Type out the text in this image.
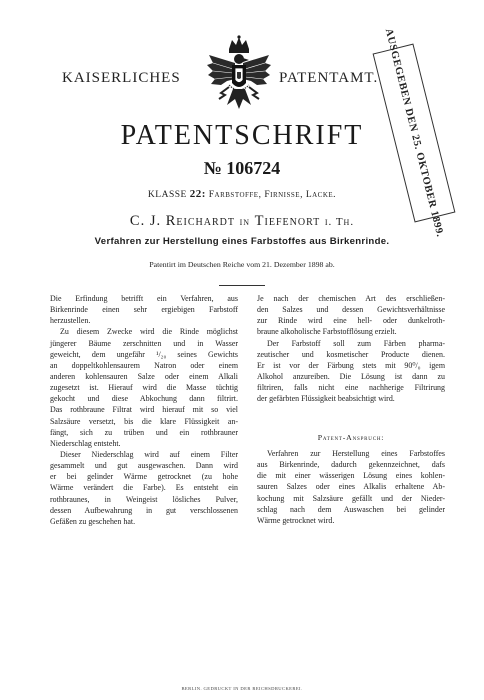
KAISERLICHES	PATENTAMT. AUSGEGEBEN DEN 25. OKTOBER 1899.
PATENTSCHRIFT
№ 106724
KLASSE 22: Farbstoffe, Firnisse, Lacke.
C. J. Reichardt in Tiefenort i. Th.
Verfahren zur Herstellung eines Farbstoffes aus Birkenrinde.
Patentirt im Deutschen Reiche vom 21. Dezember 1898 ab.
Die Erfindung betrifft ein Verfahren, aus
Birkenrinde einen sehr ergiebigen Farbstoff
herzustellen.
Zu diesem Zwecke wird die Rinde möglichst
jüngerer Bäume zerschnitten und in Wasser
geweicht, dem ungefähr ¹/₂₀ seines Gewichts
an doppeltkohlensaurem Natron oder einem
anderen kohlensauren Salze oder einem Alkali
zugesetzt ist. Hierauf wird die Masse tüchtig
gekocht und diese Abkochung dann filtrirt.
Das rothbraune Filtrat wird hierauf mit so viel
Salzsäure versetzt, bis die klare Flüssigkeit an-
fängt, sich zu trüben und ein rothbrauner
Niederschlag entsteht.
Dieser Niederschlag wird auf einem Filter
gesammelt und gut ausgewaschen. Dann wird
er bei gelinder Wärme getrocknet (zu hohe
Wärme verändert die Farbe). Es entsteht ein
rothbraunes, in Weingeist lösliches Pulver,
dessen Aufbewahrung in gut verschlossenen
Gefäßen zu geschehen hat.
Je nach der chemischen Art des erschließen-
den Salzes und dessen Gewichtsverhältnisse
zur Rinde wird eine hell- oder dunkelroth-
braune alkoholische Farbstofflösung erzielt.
Der Farbstoff soll zum Färben pharma-
zeutischer und kosmetischer Producte dienen.
Er ist vor der Färbung stets mit 90⁰/₀ igem
Alkohol anzureiben. Die Lösung ist dann zu
filtriren, falls nicht eine nachherige Filtrirung
der gefärbten Flüssigkeit beabsichtigt wird.
Patent-Anspruch:
Verfahren zur Herstellung eines Farbstoffes
aus Birkenrinde, dadurch gekennzeichnet, dafs
die mit einer wässerigen Lösung eines kohlen-
sauren Salzes oder eines Alkalis erhaltene Ab-
kochung mit Salzsäure gefällt und der Nieder-
schlag nach dem Auswaschen bei gelinder
Wärme getrocknet wird.
BERLIN. GEDRUCKT IN DER REICHSDRUCKEREI.
